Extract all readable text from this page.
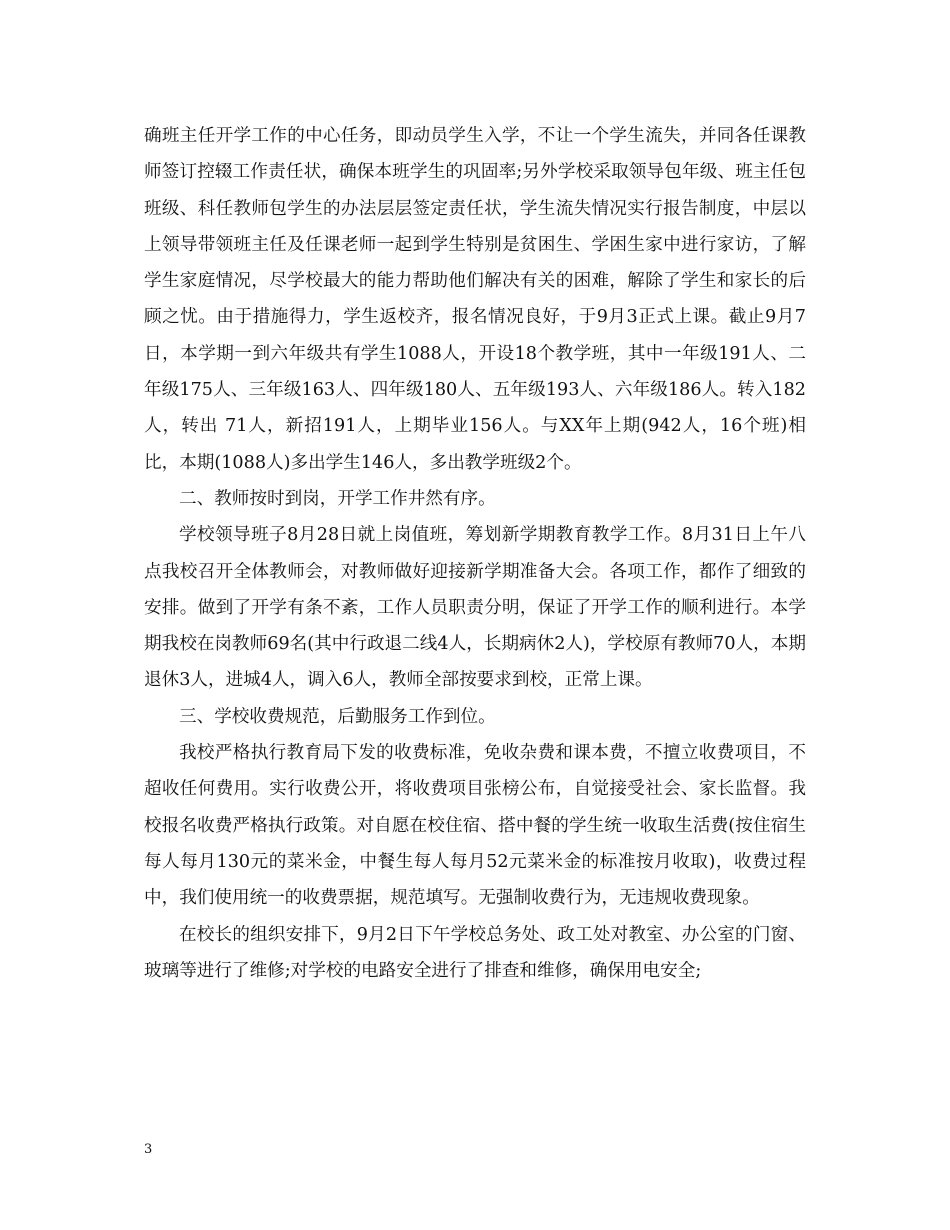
确班主任开学工作的中心任务，即动员学生入学，不让一个学生流失，并同各任课教师签订控辍工作责任状，确保本班学生的巩固率;另外学校采取领导包年级、班主任包班级、科任教师包学生的办法层层签定责任状，学生流失情况实行报告制度，中层以上领导带领班主任及任课老师一起到学生特别是贫困生、学困生家中进行家访，了解学生家庭情况，尽学校最大的能力帮助他们解决有关的困难，解除了学生和家长的后顾之忧。由于措施得力，学生返校齐，报名情况良好，于9月3正式上课。截止9月7日，本学期一到六年级共有学生1088人，开设18个教学班，其中一年级191人、二年级175人、三年级163人、四年级180人、五年级193人、六年级186人。转入182人，转出 71人，新招191人，上期毕业156人。与XX年上期(942人，16个班)相比，本期(1088人)多出学生146人，多出教学班级2个。

二、教师按时到岗，开学工作井然有序。

学校领导班子8月28日就上岗值班，筹划新学期教育教学工作。8月31日上午八点我校召开全体教师会，对教师做好迎接新学期准备大会。各项工作，都作了细致的安排。做到了开学有条不紊，工作人员职责分明，保证了开学工作的顺利进行。本学期我校在岗教师69名(其中行政退二线4人，长期病休2人)，学校原有教师70人，本期退休3人，进城4人，调入6人，教师全部按要求到校，正常上课。

三、学校收费规范，后勤服务工作到位。

我校严格执行教育局下发的收费标准，免收杂费和课本费，不擅立收费项目，不超收任何费用。实行收费公开，将收费项目张榜公布，自觉接受社会、家长监督。我校报名收费严格执行政策。对自愿在校住宿、搭中餐的学生统一收取生活费(按住宿生每人每月130元的菜米金，中餐生每人每月52元菜米金的标准按月收取)，收费过程中，我们使用统一的收费票据，规范填写。无强制收费行为，无违规收费现象。

在校长的组织安排下，9月2日下午学校总务处、政工处对教室、办公室的门窗、玻璃等进行了维修;对学校的电路安全进行了排查和维修，确保用电安全;

3
